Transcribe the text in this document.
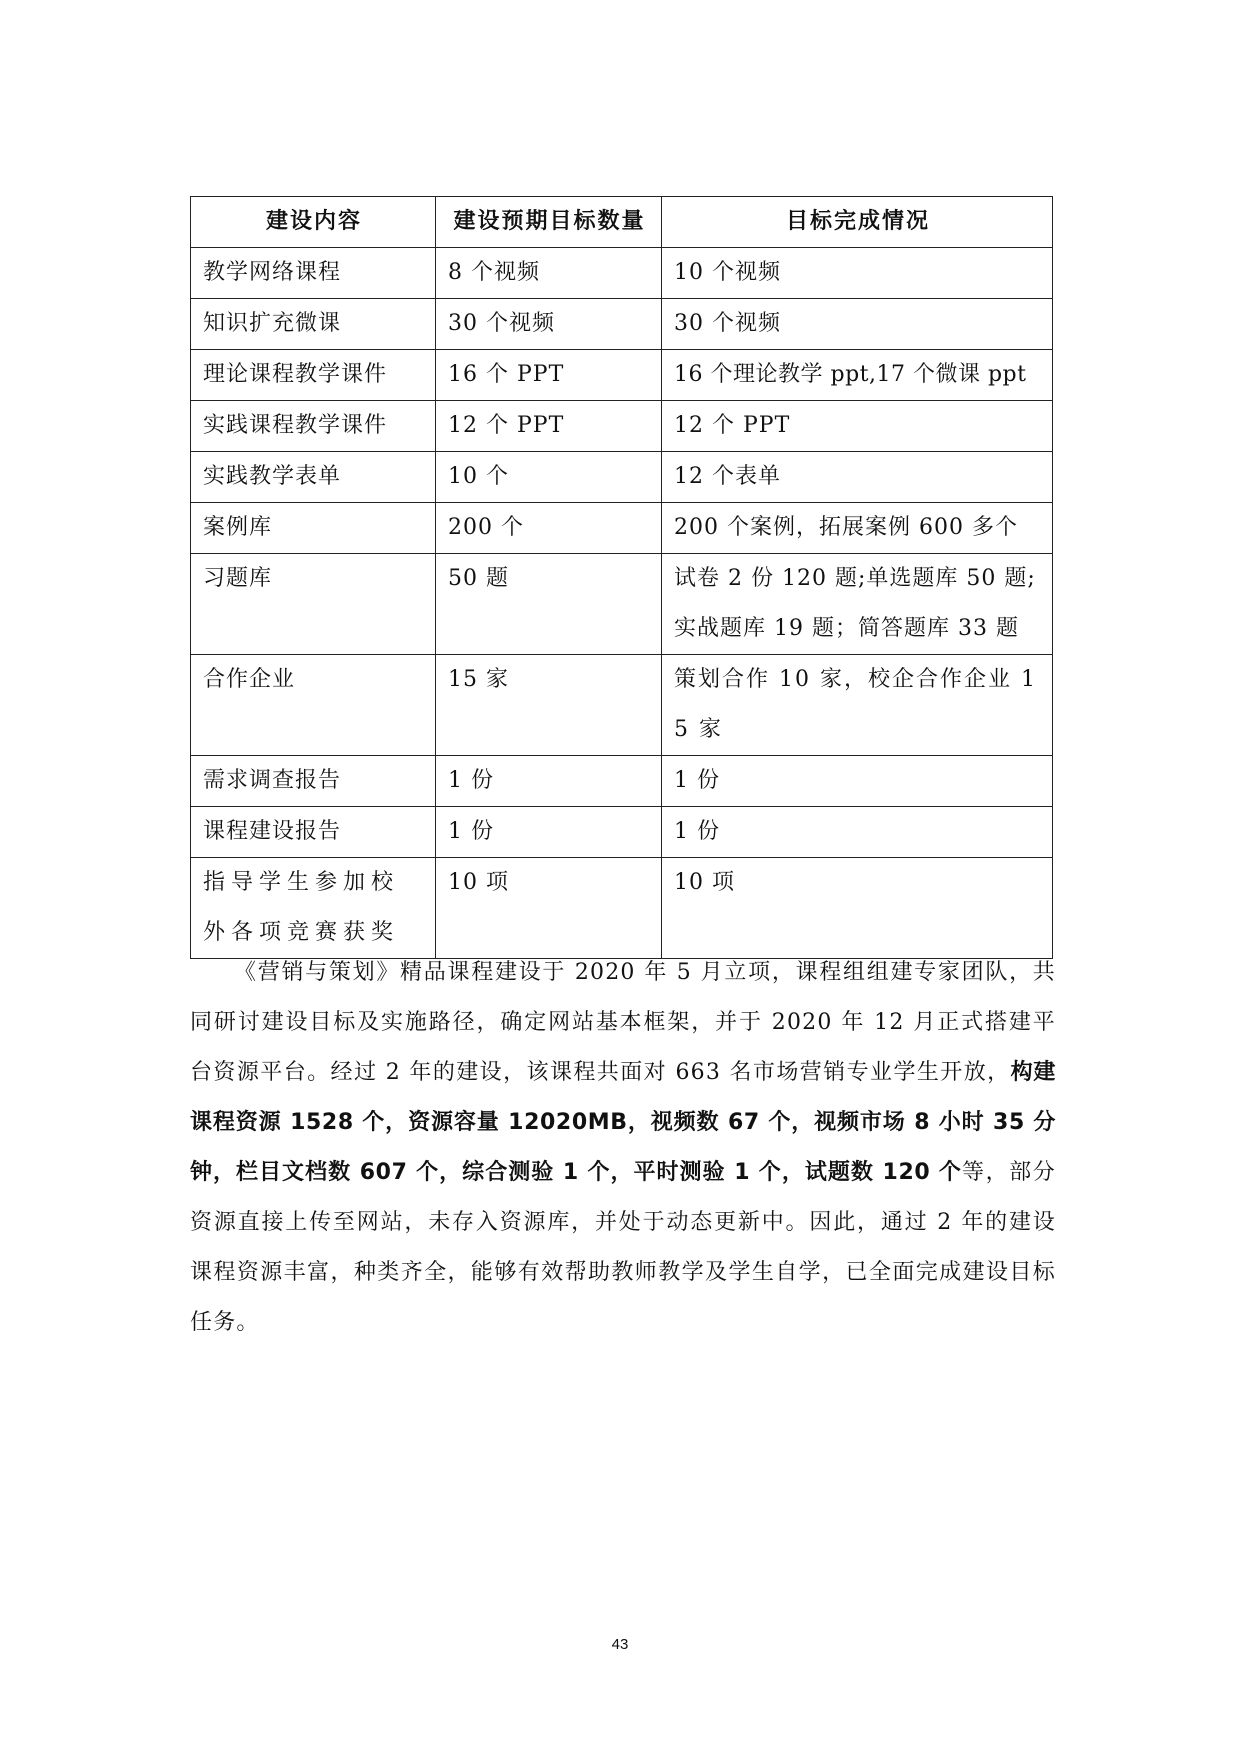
建设内容	建设预期目标数量	目标完成情况
教学网络课程	8 个视频	10 个视频
知识扩充微课	30 个视频	30 个视频
理论课程教学课件	16 个 PPT	16 个理论教学 ppt,17 个微课 ppt
实践课程教学课件	12 个 PPT	12 个 PPT
实践教学表单	10 个	12 个表单
案例库	200 个	200 个案例，拓展案例 600 多个
习题库	50 题	试卷 2 份 120 题;单选题库 50 题;实战题库 19 题；简答题库 33 题
合作企业	15 家	策划合作 10 家，校企合作企业 15 家
需求调查报告	1 份	1 份
课程建设报告	1 份	1 份
指导学生参加校外各项竞赛获奖	10 项	10 项

《营销与策划》精品课程建设于 2020 年 5 月立项，课程组组建专家团队，共同研讨建设目标及实施路径，确定网站基本框架，并于 2020 年 12 月正式搭建平台资源平台。经过 2 年的建设，该课程共面对 663 名市场营销专业学生开放，构建课程资源 1528 个，资源容量 12020MB，视频数 67 个，视频市场 8 小时 35 分钟，栏目文档数 607 个，综合测验 1 个，平时测验 1 个，试题数 120 个等，部分资源直接上传至网站，未存入资源库，并处于动态更新中。因此，通过 2 年的建设课程资源丰富，种类齐全，能够有效帮助教师教学及学生自学，已全面完成建设目标任务。

43
